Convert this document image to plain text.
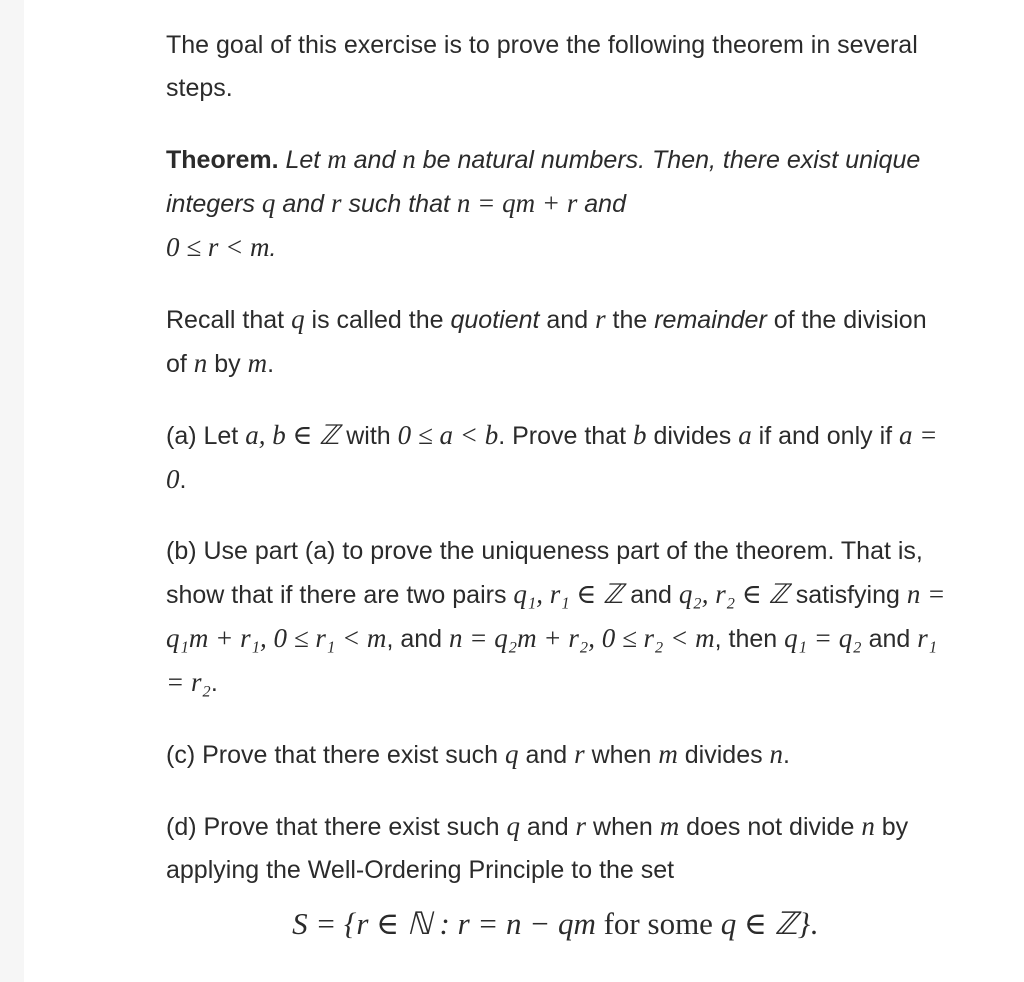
The goal of this exercise is to prove the following theorem in several steps.

Theorem. Let m and n be natural numbers. Then, there exist unique integers q and r such that n = qm + r and
0 ≤ r < m.

Recall that q is called the quotient and r the remainder of the division of n by m.

(a) Let a, b ∈ ℤ with 0 ≤ a < b. Prove that b divides a if and only if a = 0.

(b) Use part (a) to prove the uniqueness part of the theorem. That is, show that if there are two pairs q₁, r₁ ∈ ℤ and q₂, r₂ ∈ ℤ satisfying n = q₁m + r₁, 0 ≤ r₁ < m, and n = q₂m + r₂, 0 ≤ r₂ < m, then q₁ = q₂ and r₁ = r₂.

(c) Prove that there exist such q and r when m divides n.

(d) Prove that there exist such q and r when m does not divide n by applying the Well-Ordering Principle to the set

S = {r ∈ ℕ : r = n − qm for some q ∈ ℤ}.
